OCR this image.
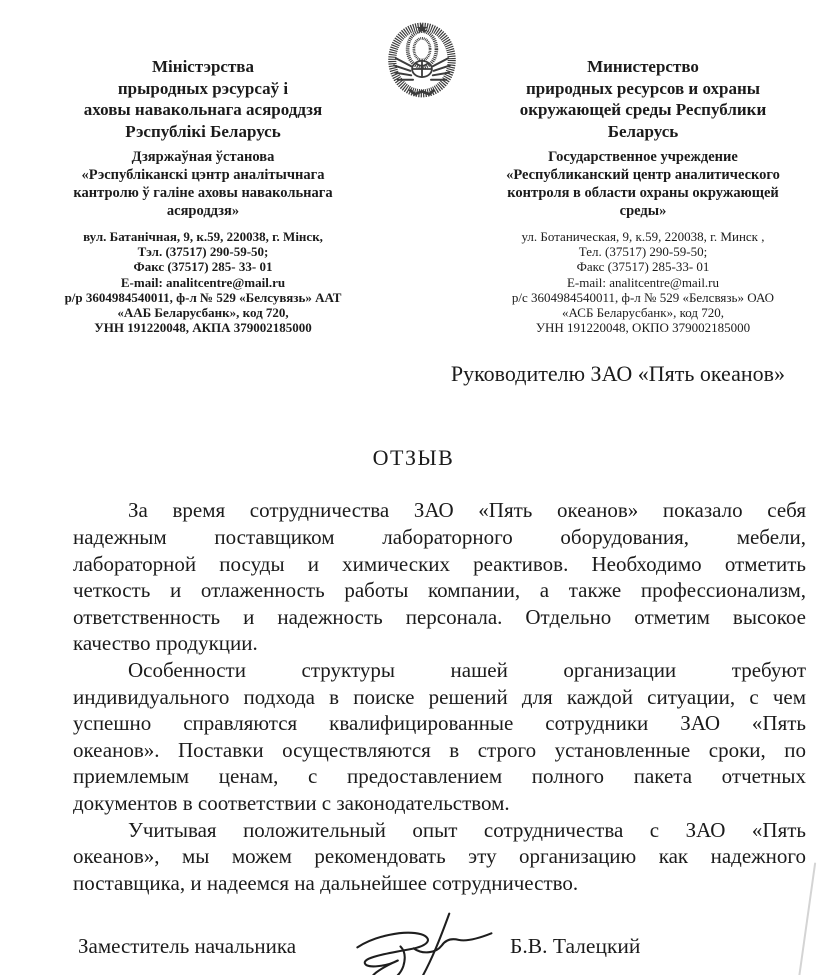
Міністэрства
прыродных рэсурсаў і
аховы навакольнага асяроддзя
Рэспублікі Беларусь
Дзяржаўная ўстанова
«Рэспубліканскі цэнтр аналітычнага
кантролю ў галіне аховы навакольнага
асяроддзя»
вул. Батанічная, 9, к.59, 220038, г. Мінск,
Тэл. (37517) 290-59-50;
Факс (37517) 285- 33- 01
E-mail: analitcentre@mail.ru
р/р 3604984540011, ф-л № 529 «Белсувязь» ААТ
«ААБ Беларусбанк», код 720,
УНН 191220048, АКПА 379002185000
Министерство
природных ресурсов и охраны
окружающей среды Республики
Беларусь
Государственное учреждение
«Республиканский центр аналитического
контроля в области охраны окружающей
среды»
ул. Ботаническая, 9, к.59, 220038, г. Минск ,
Тел. (37517) 290-59-50;
Факс (37517) 285-33- 01
E-mail: analitcentre@mail.ru
р/с 3604984540011, ф-л № 529 «Белсвязь» ОАО
«АСБ Беларусбанк», код 720,
УНН 191220048, ОКПО 379002185000
Руководителю ЗАО «Пять океанов»
ОТЗЫВ
За время сотрудничества ЗАО «Пять океанов» показало себя
надежным поставщиком лабораторного оборудования, мебели,
лабораторной посуды и химических реактивов. Необходимо отметить
четкость и отлаженность работы компании, а также профессионализм,
ответственность и надежность персонала. Отдельно отметим высокое
качество продукции.
Особенности структуры нашей организации требуют
индивидуального подхода в поиске решений для каждой ситуации, с чем
успешно справляются квалифицированные сотрудники ЗАО «Пять
океанов». Поставки осуществляются в строго установленные сроки, по
приемлемым ценам, с предоставлением полного пакета отчетных
документов в соответствии с законодательством.
Учитывая положительный опыт сотрудничества с ЗАО «Пять
океанов», мы можем рекомендовать эту организацию как надежного
поставщика, и надеемся на дальнейшее сотрудничество.
Заместитель начальника	Б.В. Талецкий
